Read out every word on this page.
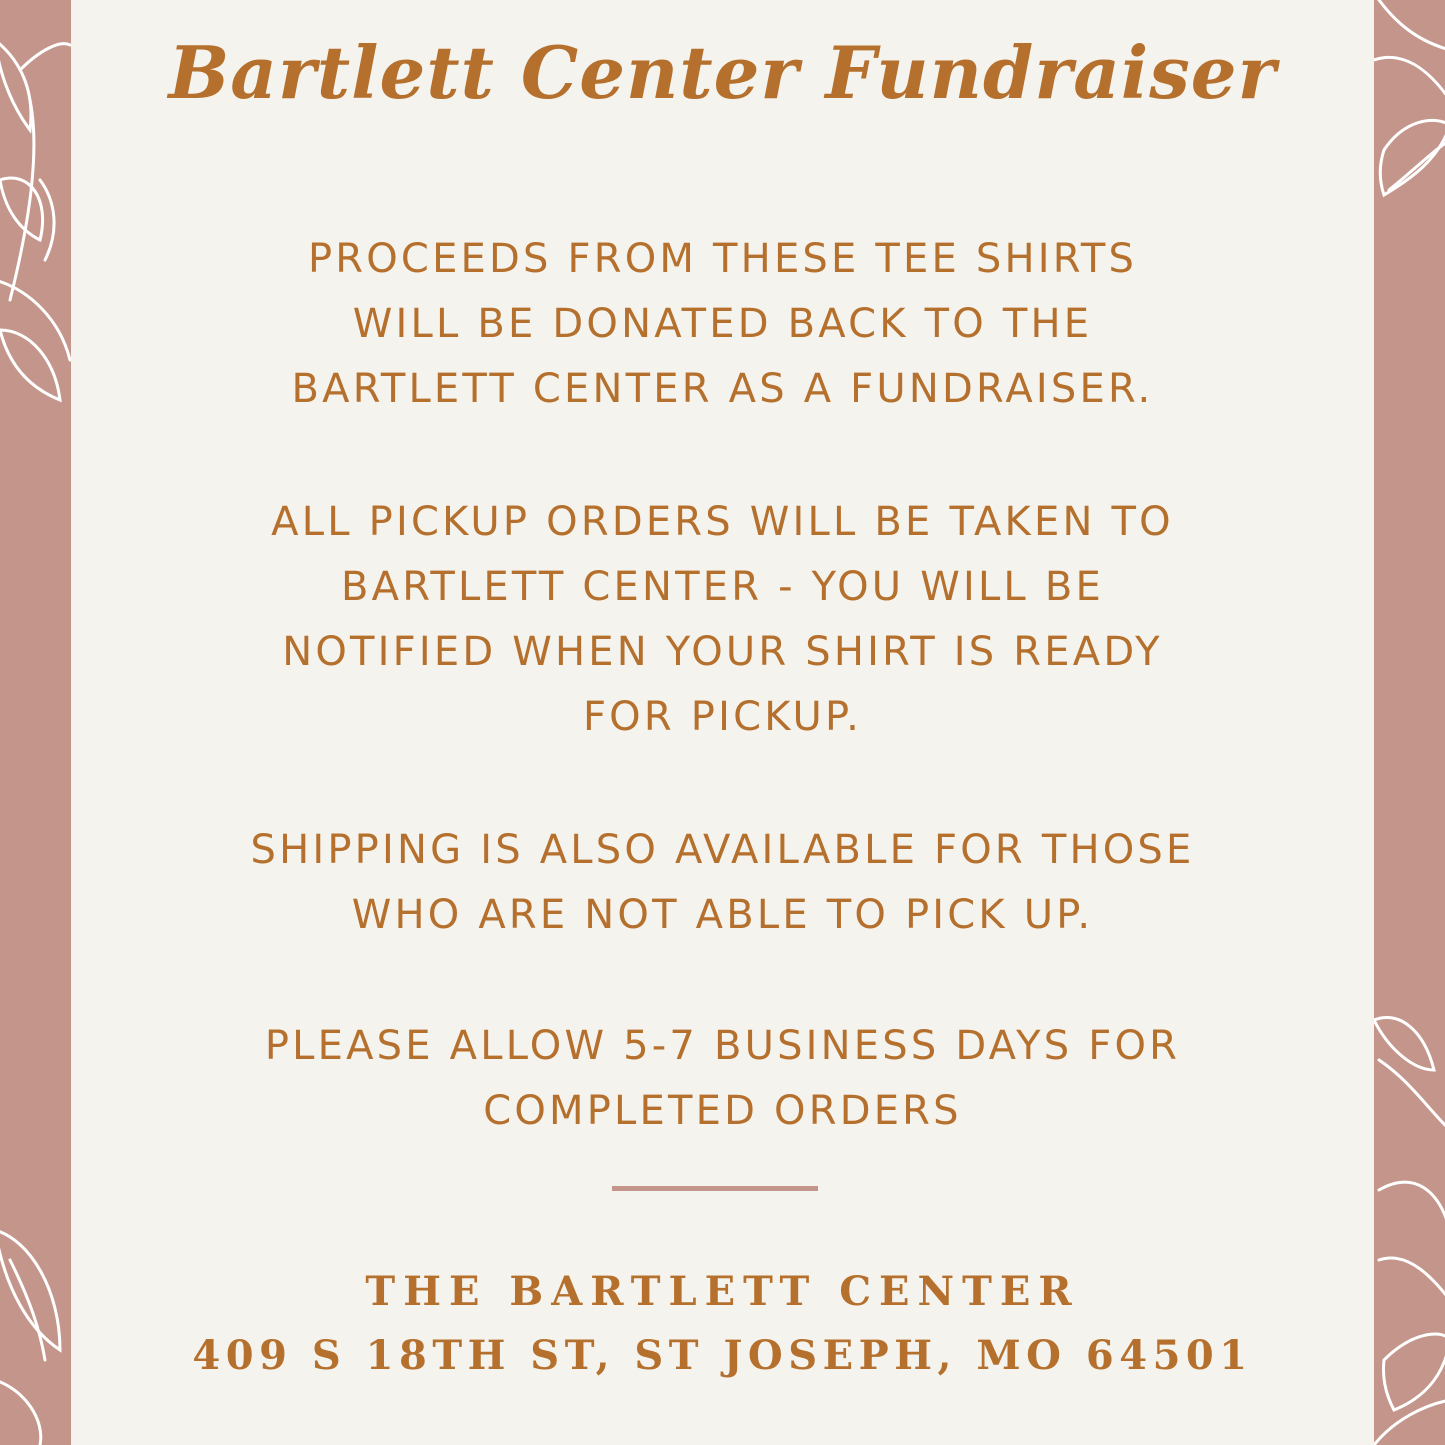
Bartlett Center Fundraiser

PROCEEDS FROM THESE TEE SHIRTS
WILL BE DONATED BACK TO THE
BARTLETT CENTER AS A FUNDRAISER.

ALL PICKUP ORDERS WILL BE TAKEN TO
BARTLETT CENTER - YOU WILL BE
NOTIFIED WHEN YOUR SHIRT IS READY
FOR PICKUP.

SHIPPING IS ALSO AVAILABLE FOR THOSE
WHO ARE NOT ABLE TO PICK UP.

PLEASE ALLOW 5-7 BUSINESS DAYS FOR
COMPLETED ORDERS

THE BARTLETT CENTER
409 S 18TH ST, ST JOSEPH, MO 64501
